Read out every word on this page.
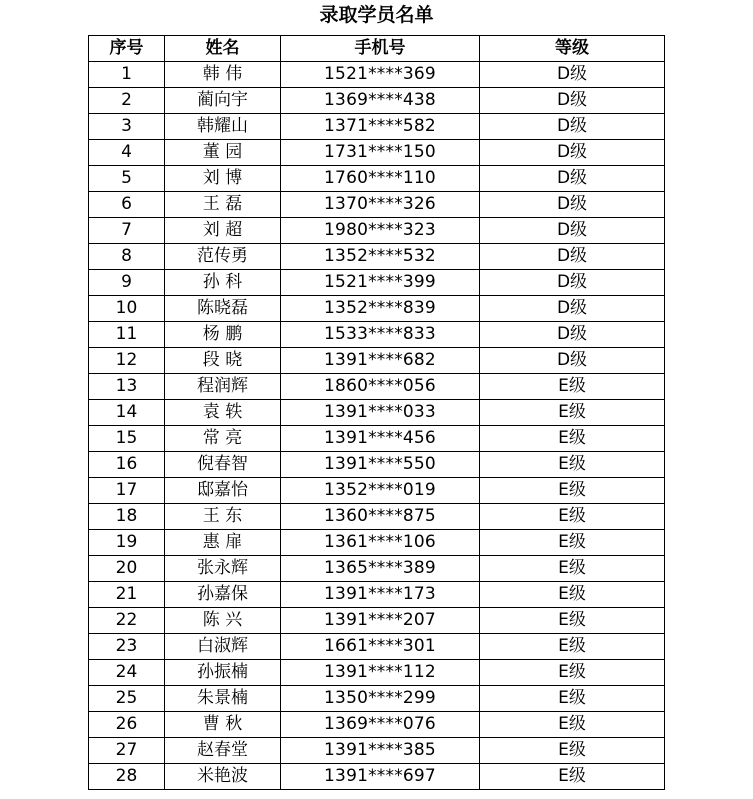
录取学员名单
序号	姓名	手机号	等级
1	韩 伟	1521****369	D级
2	蔺向宇	1369****438	D级
3	韩耀山	1371****582	D级
4	董 园	1731****150	D级
5	刘 博	1760****110	D级
6	王 磊	1370****326	D级
7	刘 超	1980****323	D级
8	范传勇	1352****532	D级
9	孙 科	1521****399	D级
10	陈晓磊	1352****839	D级
11	杨 鹏	1533****833	D级
12	段 晓	1391****682	D级
13	程润辉	1860****056	E级
14	袁 轶	1391****033	E级
15	常 亮	1391****456	E级
16	倪春智	1391****550	E级
17	邸嘉怡	1352****019	E级
18	王 东	1360****875	E级
19	惠 扉	1361****106	E级
20	张永辉	1365****389	E级
21	孙嘉保	1391****173	E级
22	陈 兴	1391****207	E级
23	白淑辉	1661****301	E级
24	孙振楠	1391****112	E级
25	朱景楠	1350****299	E级
26	曹 秋	1369****076	E级
27	赵春堂	1391****385	E级
28	米艳波	1391****697	E级
